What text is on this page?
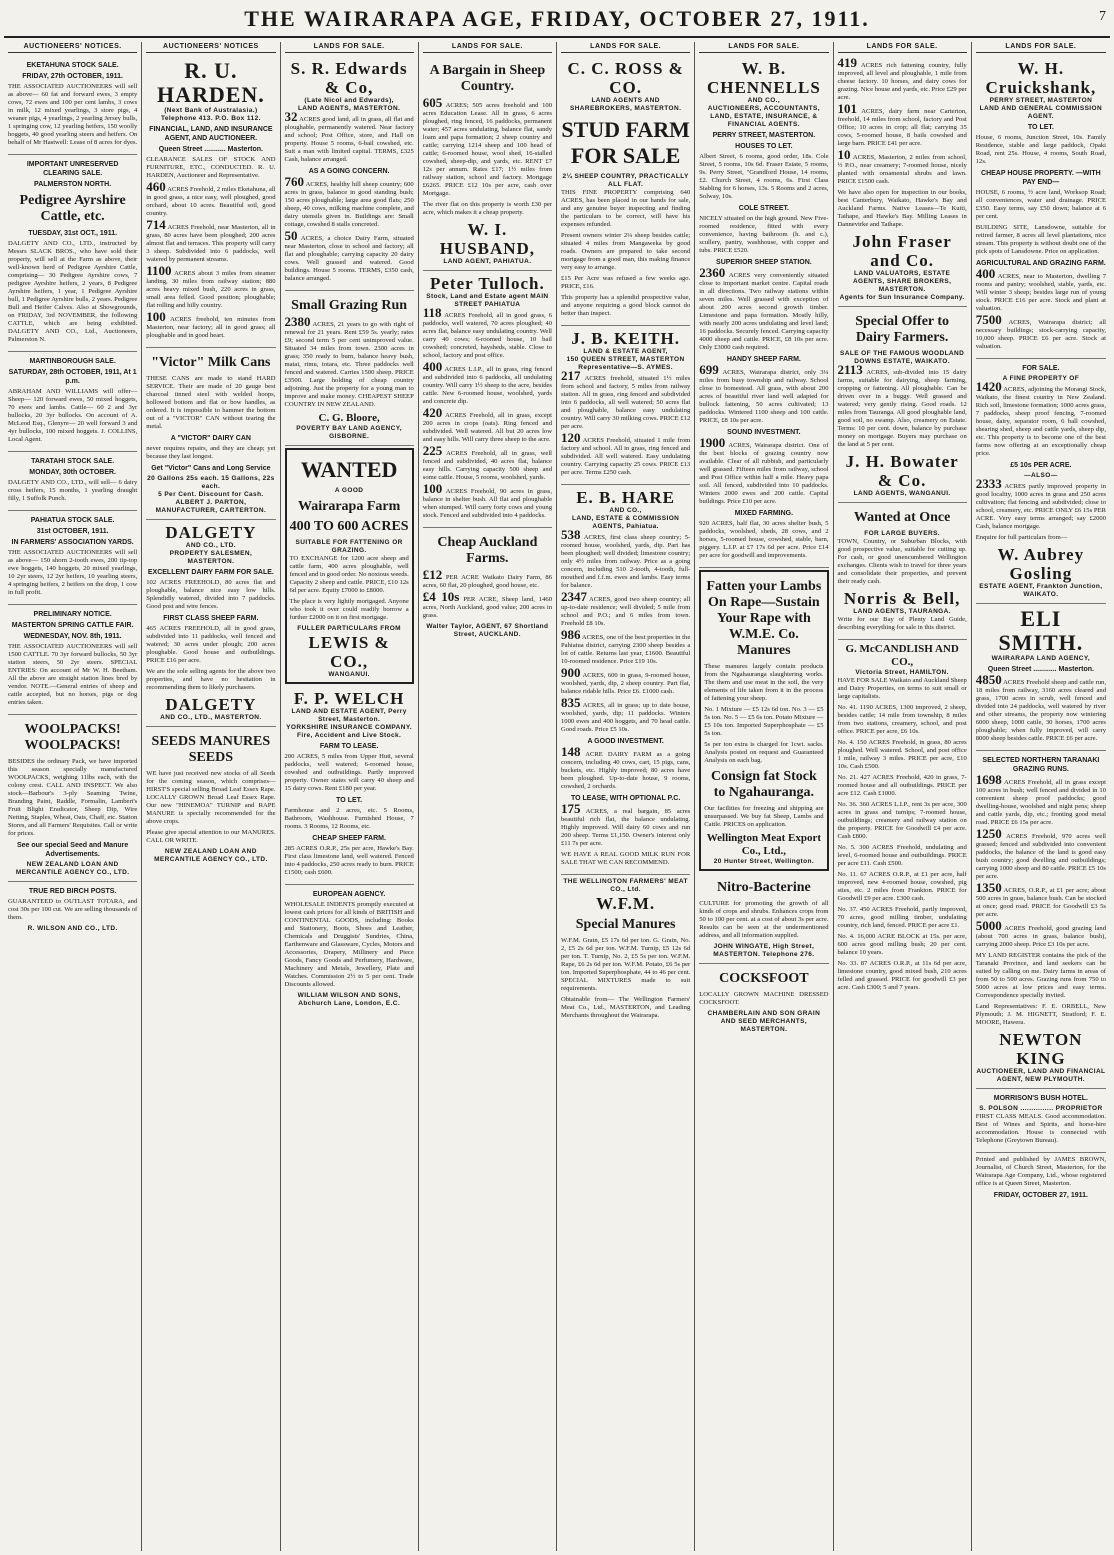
THE WAIRARAPA AGE, FRIDAY, OCTOBER 27, 1911.	7
AUCTIONEERS' NOTICES.
EKETAHUNA STOCK SALE.
FRIDAY, 27th OCTOBER, 1911.

THE ASSOCIATED AUCTIONEERS will sell as above— 60 fat and forward ewes, 3 empty cows, 72 ewes and 100 per cent lambs, 3 cows in milk, 12 mixed yearlings, 3 store pigs, 4 weaner pigs, 4 yearlings, 2 yearling Jersey bulls, 1 springing cow, 12 yearling heifers, 150 woolly hoggets, 40 good yearling steers and heifers. On behalf of Mr Hastwell: Lease of 8 acres for dyes.

IMPORTANT UNRESERVED CLEARING SALE.
PALMERSTON NORTH.
Pedigree Ayrshire Cattle, etc.
TUESDAY, 31st OCT., 1911.

DALGETY AND CO., LTD., instructed by Messrs SLACK BROS., who have sold their property, will sell at the Farm as above, their well-known herd of Pedigree Ayrshire Cattle, comprising— 30 Pedigree Ayrshire cows, 7 pedigree Ayrshire heifers, 2 years, 8 Pedigree Ayrshire heifers, 1 year, 1 Pedigree Ayrshire bull, 1 Pedigree Ayrshire bulls, 2 years. Pedigree Bull and Heifer Calves. Also at Showgrounds, on FRIDAY, 3rd NOVEMBER, the following CATTLE, which are being exhibited. DALGETY AND CO., Ltd., Auctioneers, Palmerston N.

MARTINBOROUGH SALE.
SATURDAY, 28th OCTOBER, 1911, At 1 p.m.

ABRAHAM AND WILLIAMS will offer— Sheep— 120 forward ewes, 50 mixed hoggets, 70 ewes and lambs. Cattle— 60 2 and 3yr bullocks, 20 3yr bullocks. On account of A. McLeod Esq., Glenyre— 20 well forward 3 and 4yr bullocks, 100 mixed hoggets. J. COLLINS, Local Agent.

TARATAHI STOCK SALE.
MONDAY, 30th OCTOBER.

DALGETY AND CO., LTD., will sell— 6 dairy cross heifers, 15 months, 1 yearling draught filly, 1 Suffolk Punch.

PAHIATUA STOCK SALE.
31st OCTOBER, 1911.
IN FARMERS' ASSOCIATION YARDS.

THE ASSOCIATED AUCTIONEERS will sell as above— 150 shorn 2-tooth ewes, 200 tip-top ewe hoggets, 140 hoggets, 20 mixed yearlings, 10 2yr steers, 12 2yr heifers, 10 yearling steers, 4 springing heifers, 2 heifers on the drop, 1 cow in full profit.

PRELIMINARY NOTICE.
MASTERTON SPRING CATTLE FAIR.
WEDNESDAY, NOV. 8th, 1911.

THE ASSOCIATED AUCTIONEERS will sell 1500 CATTLE. 70 3yr forward bullocks, 50 3yr station steers, 50 2yr steers. SPECIAL ENTRIES: On account of Mr W. H. Beetham. All the above are straight station lines bred by vendor. NOTE.—General entries of sheep and cattle accepted, but no horses, pigs or dog entries taken.

WOOLPACKS! WOOLPACKS!

BESIDES the ordinary Pack, we have imported this season specially manufactured WOOLPACKS, weighing 11lbs each, with the colony crest. CALL AND INSPECT. We also stock—Barbour's 3-ply Seaming Twine, Branding Paint, Raddle, Formalin, Lambert's Fruit Blight Eradicator, Sheep Dip, Wire Netting, Staples, Wheat, Oats, Chaff, etc. Station Stores, and all Farmers' Requisites. Call or write for prices.

See our special Seed and Manure Advertisements.
NEW ZEALAND LOAN AND MERCANTILE AGENCY CO., LTD.
TRUE RED BIRCH POSTS.

GUARANTEED to OUTLAST TOTARA, and cost 30s per 100 cut. We are selling thousands of them.

R. WILSON AND CO., LTD.
AUCTIONEERS' NOTICES
R. U. HARDEN.
(Next Bank of Australasia.)
Telephone 413. P.O. Box 112.
FINANCIAL, LAND, AND INSURANCE AGENT, AND AUCTIONEER.
Queen Street ........... Masterton.

CLEARANCE SALES OF STOCK AND FURNITURE, ETC., CONDUCTED. R. U. HARDEN, Auctioneer and Representative.

460 ACRES Freehold, 2 miles Eketahuna, all in good grass, a nice easy, well ploughed, good orchard, about 10 acres. Beautiful soil, good country.

714 ACRES Freehold, near Masterton, all in grass, 80 acres have been ploughed; 200 acres almost flat and terraces. This property will carry 3 sheep. Subdivided into 6 paddocks, well watered by permanent streams.

1100 ACRES about 3 miles from steamer landing, 30 miles from railway station; 880 acres heavy mixed bush, 220 acres in grass, small area felled. Good position; ploughable; flat rolling and hilly country.

100 ACRES freehold, ten minutes from Masterton, near factory; all in good grass; all ploughable and in good heart.

"Victor" Milk Cans

THESE CANS are made to stand HARD SERVICE. Their are made of 20 gauge best charcoal tinned steel with welded hoops, hollowed bottom and flat or bow handles, as ordered. It is impossible to hammer the bottom out of a "VICTOR" CAN without tearing the metal.

A "VICTOR" DAIRY CAN

never requires repairs, and they are cheap; yet because they last longest.

Get "Victor" Cans and Long Service
20 Gallons 25s each. 15 Gallons, 22s each.
5 Per Cent. Discount for Cash.
ALBERT J. PARTON, MANUFACTURER, CARTERTON.
DALGETY
AND CO., LTD.
PROPERTY SALESMEN, MASTERTON.
EXCELLENT DAIRY FARM FOR SALE.

102 ACRES FREEHOLD, 80 acres flat and ploughable, balance nice easy low hills. Splendidly watered, divided into 7 paddocks. Good post and wire fences.

FIRST CLASS SHEEP FARM.

465 ACRES FREEHOLD, all in good grass, subdivided into 11 paddocks, well fenced and watered; 30 acres under plough; 200 acres ploughable. Good house and outbuildings. PRICE £16 per acre.

We are the sole selling agents for the above two properties, and have no hesitation in recommending them to likely purchasers.

DALGETY
AND CO., LTD., MASTERTON.
SEEDS MANURES SEEDS

WE have just received new stocks of all Seeds for the coming season, which comprises— HIRST'S special selling Broad Leaf Essex Rape. LOCALLY GROWN Broad Leaf Essex Rape. Our new "HINEMOA" TURNIP and RAPE MANURE is specially recommended for the above crops.

Please give special attention to our MANURES. CALL OR WRITE.

NEW ZEALAND LOAN AND MERCANTILE AGENCY CO., LTD.
LANDS FOR SALE.
S. R. Edwards & Co,
(Late Nicol and Edwards),
LAND AGENTS, MASTERTON.

32 ACRES good land, all in grass, all flat and ploughable, permanently watered. Near factory and school; Post Office, store, and Hall on property. House 5 rooms, 6-bail cowshed, etc. Suit a man with limited capital. TERMS, £325 Cash, balance arranged.

AS A GOING CONCERN.

760 ACRES, healthy hill sheep country; 600 acres in grass, balance in good standing bush; 150 acres ploughable; large area good flats; 250 sheep, 40 cows, milking machine complete, and dairy utensils given in. Buildings are: Small cottage, cowshed 8 stalls concreted.

50 ACRES, a choice Dairy Farm, situated near Masterton, close to school and factory; all flat and ploughable; carrying capacity 20 dairy cows. Well grassed and watered. Good buildings. House 5 rooms. TERMS, £350 cash, balance arranged.

Small Grazing Run

2380 ACRES, 21 years to go with right of renewal for 21 years. Rent £59 5s. yearly; rates £9; second term 5 per cent unimproved value. Situated 34 miles from town. 2300 acres in grass; 350 ready to burn, balance heavy bush, matai, rimu, totara, etc. Three paddocks well fenced and watered. Carries 1500 sheep. PRICE £3500. Large holding of cheap country adjoining. Just the property for a young man to improve and make money. CHEAPEST SHEEP COUNTRY IN NEW ZEALAND.

C. G. Bloore,
POVERTY BAY LAND AGENCY, GISBORNE.
WANTED
A GOOD
Wairarapa Farm
400 TO 600 ACRES
SUITABLE FOR FATTENING OR GRAZING.

TO EXCHANGE for 1200 acre sheep and cattle farm, 400 acres ploughable, well fenced and in good order. No noxious weeds. Capacity 2 sheep and cattle. PRICE, £10 12s 6d per acre. Equity £7000 to £8000.

The place is very lightly mortgaged. Anyone who took it over could readily borrow a further £2000 on it on first mortgage.

FULLER PARTICULARS FROM
LEWIS & CO.,
WANGANUI.
F. P. WELCH
LAND AND ESTATE AGENT, Perry Street, Masterton.
YORKSHIRE INSURANCE COMPANY. Fire, Accident and Live Stock.
FARM TO LEASE.

200 ACRES, 5 miles from Upper Hutt, several paddocks, well watered; 6-roomed house, cowshed and outbuildings. Partly improved property. Owner states will carry 40 sheep and 15 dairy cows. Rent £180 per year.

TO LET.

Farmhouse and 2 acres, etc. 5 Rooms, Bathroom, Washhouse. Furnished House, 7 rooms. 3 Rooms, 12 Rooms, etc.

CHEAP SHEEP FARM.

285 ACRES O.R.P., 25s per acre, Hawke's Bay. First class limestone land, well watered. Fenced into 4 paddocks, 250 acres ready to burn. PRICE £1500; cash £600.

EUROPEAN AGENCY.

WHOLESALE INDENTS promptly executed at lowest cash prices for all kinds of BRITISH and CONTINENTAL GOODS, including: Books and Stationery, Boots, Shoes and Leather, Chemicals and Druggists' Sundries, China, Earthenware and Glassware, Cycles, Motors and Accessories, Drapery, Millinery and Piece Goods, Fancy Goods and Perfumery, Hardware, Machinery and Metals, Jewellery, Plate and Watches. Commission 2½ to 5 per cent. Trade Discounts allowed.

WILLIAM WILSON AND SONS, Abchurch Lane, London, E.C.
LANDS FOR SALE.
A Bargain in Sheep Country.

605 ACRES; 505 acres freehold and 100 acres Education Lease. All in grass, 6 acres ploughed, ring fenced, 16 paddocks, permanent water; 457 acres undulating, balance flat, sandy loam and papa formation; 2 sheep country and cattle; carrying 1214 sheep and 100 head of cattle; 6-roomed house, wool shed, 16-stalled cowshed, sheep-dip, and yards, etc. RENT £7 12s per annum. Rates £17; 1½ miles from railway station, school and factory. Mortgage £6265. PRICE £12 10s per acre, cash over Mortgage.

The river flat on this property is worth £30 per acre, which makes it a cheap property.

W. I. HUSBAND,
LAND AGENT, PAHIATUA.
Peter Tulloch.
Stock, Land and Estate agent MAIN STREET PAHIATUA

118 ACRES Freehold, all in good grass, 6 paddocks, well watered, 70 acres ploughed; 40 acres flat, balance easy undulating country. Well carry 40 cows; 6-roomed house, 10 bail cowshed; concreted, haysheds, stable. Close to school, factory and post office.

400 ACRES L.I.P., all in grass, ring fenced and subdivided into 6 paddocks, all undulating country. Will carry 1½ sheep to the acre, besides cattle. New 6-roomed house, woolshed, yards and concrete dip.

420 ACRES Freehold, all in grass, except 200 acres in crops (oats). Ring fenced and subdivided. Well watered. All but 20 acres low and easy hills. Will carry three sheep to the acre.

225 ACRES Freehold, all in grass, well fenced and subdivided, 40 acres flat, balance easy hills. Carrying capacity 500 sheep and some cattle. House, 5 rooms, woolshed, yards.

100 ACRES Freehold, 90 acres in grass, balance in shelter bush. All flat and ploughable when stumped. Will carry forty cows and young stock. Fenced and subdivided into 4 paddocks.

Cheap Auckland Farms.

£12 PER ACRE Waikato Dairy Farm, 86 acres, 60 flat, 20 ploughed, good house, etc.

£4 10s PER ACRE, Sheep land, 1460 acres, North Auckland, good value; 200 acres in grass.

Walter Taylor, AGENT, 67 Shortland Street, AUCKLAND.
LANDS FOR SALE.
C. C. ROSS & CO.
LAND AGENTS AND SHAREBROKERS, MASTERTON.
STUD FARM FOR SALE
2¼ SHEEP COUNTRY, PRACTICALLY ALL FLAT.

THIS FINE PROPERTY comprising 640 ACRES, has been placed in our hands for sale, and any genuine buyer inspecting and finding the particulars to be correct, will have his expenses refunded.

Present owners winter 2¼ sheep besides cattle; situated 4 miles from Mangaweka by good roads. Owners are prepared to take second mortgage from a good man, this making finance very easy to arrange.

£15 Per Acre was refused a few weeks ago. PRICE, £16.

This property has a splendid prospective value, and anyone requiring a good block cannot do better than inspect.

J. B. KEITH.
LAND & ESTATE AGENT,
150 QUEEN STREET, MASTERTON
Representative—S. AYMES.

217 ACRES freehold, situated 1½ miles from school and factory, 5 miles from railway station. All in grass, ring fenced and subdivided into 6 paddocks, all well watered; 50 acres flat and ploughable, balance easy undulating country. Will carry 30 milking cows. PRICE £12 per acre.

120 ACRES Freehold, situated 1 mile from factory and school. All in grass, ring fenced and subdivided. All well watered. Easy undulating country. Carrying capacity 25 cows. PRICE £13 per acre. Terms £250 cash.

E. B. HARE
AND CO.,
LAND, ESTATE & COMMISSION AGENTS, Pahiatua.

538 ACRES, first class sheep country; 5-roomed house, woolshed, yards, dip. Part has been ploughed; well divided; limestone country; only 4½ miles from railway. Price as a going concern, including 510 2-tooth, 4-tooth, full-mouthed and f.f.m. ewes and lambs. Easy terms for balance.

2347 ACRES, good two sheep country; all up-to-date residence; well divided; 5 mile from school and P.O.; and 6 miles from town. Freehold £8 10s.

986 ACRES, one of the best properties in the Pahiatua district, carrying 2300 sheep besides a lot of cattle. Returns last year, £1600. Beautiful 10-roomed residence. Price £19 10s.

900 ACRES, 600 in grass, 9-roomed house, woolshed, yards, dip, 2 sheep country. Part flat, balance ridable hills. Price £6. £1000 cash.

835 ACRES, all in grass; up to date house, woolshed, yards, dip; 11 paddocks. Winters 1000 ewes and 400 hoggets, and 70 head cattle. Good roads. Price £5 10s.

A GOOD INVESTMENT.

148 ACRE DAIRY FARM as a going concern, including 40 cows, cart, 15 pigs, cans, buckets, etc. Highly improved; 80 acres have been ploughed. Up-to-date house, 9 rooms, cowshed, 2 orchards.

TO LEASE, WITH OPTIONAL P.C.

175 ACRES, a real bargain, 85 acres beautiful rich flat, the balance undulating. Highly improved. Will dairy 60 cows and run 200 sheep. Terms £1,150. Owner's interest only £11 7s per acre.

WE HAVE A REAL GOOD MILK RUN FOR SALE THAT WE CAN RECOMMEND.

THE WELLINGTON FARMERS' MEAT CO., Ltd.
W.F.M.
Special Manures

W.F.M. Grain, £5 17s 6d per ton. G. Grain, No. 2, £5 2s 6d per ton. W.F.M. Turnip, £5 12s 6d per ton. T. Turnip, No. 2, £5 5s per ton. W.F.M. Rape, £6 2s 6d per ton. W.F.M. Potato, £6 5s per ton. Imported Superphosphate, 44 to 46 per cent. SPECIAL MIXTURES made to suit requirements.

Obtainable from— The Wellington Farmers' Meat Co., Ltd., MASTERTON, and Leading Merchants throughout the Wairarapa.

LANDS FOR SALE.
W. B. CHENNELLS
AND CO.,
AUCTIONEERS, ACCOUNTANTS, LAND, ESTATE, INSURANCE, & FINANCIAL AGENTS.
PERRY STREET, MASTERTON.
HOUSES TO LET.

Albert Street, 6 rooms, good order, 18s. Cole Street, 5 rooms, 10s 6d. Fraser Estate, 5 rooms, 9s. Perry Street, "Grandford House, 14 rooms, £2. Church Street, 4 rooms, 6s. First Class Stabling for 6 horses, 13s. 5 Rooms and 2 acres, Solway, 10s.

COLE STREET.

NICELY situated on the high ground. New Five-roomed residence, fitted with every convenience, having bathroom (h. and c.), scullery, pantry, washhouse, with copper and tubs. PRICE £520.

SUPERIOR SHEEP STATION.

2360 ACRES very conveniently situated close to important market centre. Capital roads in all directions. Two railway stations within seven miles. Well grassed with exception of about 200 acres second growth timber. Limestone and papa formation. Mostly hilly, with nearly 200 acres undulating and level land; 16 paddocks. Securely fenced. Carrying capacity 4000 sheep and cattle. PRICE, £8 10s per acre. Only £3000 cash required.

HANDY SHEEP FARM.

699 ACRES, Wairarapa district, only 3¼ miles from busy township and railway. School close to homestead. All grass, with about 200 acres of beautiful river land well adapted for bullock fattening, 50 acres cultivated; 13 paddocks. Wintered 1100 sheep and 100 cattle. PRICE, £8 10s per acre.

SOUND INVESTMENT.

1900 ACRES, Wairarapa district. One of the best blocks of grazing country now available. Clear of all rubbish, and particularly well grassed. Fifteen miles from railway, school and Post Office within half a mile. Heavy papa soil. All fenced, subdivided into 10 paddocks. Winters 2000 ewes and 200 cattle. Capital buildings. Price £10 per acre.

MIXED FARMING.

920 ACRES, half flat, 30 acres shelter bush, 5 paddocks, woolshed, sheds, 28 cows, and 2 horses, 5-roomed house, cowshed, stable, barn, piggery. L.I.P. at £7 17s 6d per acre. Price £14 per acre for goodwill and improvements.

Fatten your Lambs On Rape—Sustain Your Rape with W.M.E. Co. Manures

These manures largely contain products from the Ngahauranga slaughtering works. The them and use meat in the soil, the very elements of life taken from it in the process of fattening your sheep.

No. 1 Mixture — £5 12s 6d ton. No. 3 — £5 5s ton. No. 5 — £5 6s ton. Potato Mixture — £5 10s ton. Imported Superphosphate — £5 5s ton.

5s per ton extra is charged for 1cwt. sacks. Analysis posted on request and Guaranteed Analysis on each bag.

Consign fat Stock to Ngahauranga.

Our facilities for freezing and shipping are unsurpassed. We buy fat Sheep, Lambs and Cattle. PRICES on application.

Wellington Meat Export Co., Ltd.,
20 Hunter Street, Wellington.
Nitro-Bacterine

CULTURE for promoting the growth of all kinds of crops and shrubs. Enhances crops from 50 to 100 per cent. at a cost of about 3s per acre. Results can be seen at the undermentioned address, and all information supplied.

JOHN WINGATE, High Street, MASTERTON. Telephone 276.
COCKSFOOT

LOCALLY GROWN MACHINE DRESSED COCKSFOOT.

CHAMBERLAIN AND SON GRAIN AND SEED MERCHANTS, MASTERTON.
LANDS FOR SALE.

419 ACRES rich fattening country, fully improved, all level and ploughable, 1 mile from cheese factory. 10 horses, and dairy cows for grazing. Nice house and yards, etc. Price £29 per acre.

101 ACRES, dairy farm near Carterton, freehold, 14 miles from school, factory and Post Office; 10 acres in crop; all flat; carrying 35 cows, 5-roomed house, 8 bails cowshed and large barn. PRICE £41 per acre.

10 ACRES, Masterton, 2 miles from school, ½ P.O., near creamery; 7-roomed house, nicely planted with ornamental shrubs and lawn. PRICE £1500 cash.

We have also open for inspection in our books, best Canterbury, Waikato, Hawke's Bay and Auckland Farms. Native Leases—Te Kuiti, Taihape, and Hawke's Bay. Milling Leases in Dannevirke and Taihape.

John Fraser and Co.
LAND VALUATORS, ESTATE AGENTS, SHARE BROKERS, MASTERTON.
Agents for Sun Insurance Company.
Special Offer to Dairy Farmers.
SALE OF THE FAMOUS WOODLAND DOWNS ESTATE, WAIKATO.

2113 ACRES, sub-divided into 15 dairy farms, suitable for dairying, sheep farming, cropping or fattening. All ploughable. Can be driven over in a buggy. Well grassed and watered; very gently rising. Good roads. 12 miles from Tauranga. All good ploughable land, good soil, no swamp. Also, creamery on Estate. Terms: 10 per cent. down, balance by purchase money on mortgage. Buyers may purchase on the land at 5 per cent.

J. H. Bowater & Co.
LAND AGENTS, WANGANUI.
Wanted at Once
FOR LARGE BUYERS.

TOWN, Country, or Suburban Blocks, with good prospective value, suitable for cutting up. For cash, or good unencumbered Wellington exchanges. Clients wish to travel for three years and consolidate their properties, and prevent their ready cash.

Norris & Bell,
LAND AGENTS, TAURANGA.

Write for our Bay of Plenty Land Guide, describing everything for sale in this district.

G. McCANDLISH AND CO.,
Victoria Street, HAMILTON.

HAVE FOR SALE Waikato and Auckland Sheep and Dairy Properties, on terms to suit small or large capitalists.

No. 41. 1190 ACRES, 1300 improved, 2 sheep, besides cattle; 14 mile from township, 8 miles from two stations, creamery, school, and post office. PRICE per acre, £6 10s.

No. 4. 150 ACRES Freehold, in grass, 80 acres ploughed. Well watered. School, and post office 1 mile, railway 3 miles. PRICE per acre, £10 10s. Cash £500.

No. 21. 427 ACRES Freehold, 420 in grass, 7-roomed house and all outbuildings. PRICE per acre £12. Cash £1000.

No. 36. 360 ACRES L.I.P., rent 3s per acre, 300 acres in grass and turnips; 7-roomed house, outbuildings; creamery and railway station on the property. PRICE for Goodwill £4 per acre. Cash £800.

No. 5. 300 ACRES Freehold, undulating and level, 6-roomed house and outbuildings. PRICE per acre £11. Cash £500.

No. 11. 67 ACRES O.R.P., at £1 per acre, half improved, new 4-roomed house, cowshed, pig sties, etc. 2 miles from Frankton. PRICE for Goodwill £9 per acre. £300 cash.

No. 37. 450 ACRES Freehold, partly improved, 70 acres, good milling timber, undulating country, rich land, fenced. PRICE per acre £1.

No. 4. 16,000 ACRE BLOCK at 15s. per acre, 600 acres good milling bush; 20 per cent. balance 10 years.

No. 33. 87 ACRES O.R.P., at 11s 6d per acre, limestone country, good mixed bush, 210 acres felled and grassed. PRICE for goodwill £3 per acre. Cash £300; 5 and 7 years.

LANDS FOR SALE.
W. H. Cruickshank,
PERRY STREET, MASTERTON
LAND AND GENERAL COMMISSION AGENT.
TO LET.

House, 6 rooms, Junction Street, 10s. Family Residence, stable and large paddock, Opaki Road, rent 25s. House, 4 rooms, South Road, 12s.

CHEAP HOUSE PROPERTY. —WITH PAY END—

HOUSE, 6 rooms, ½ acre land, Worksop Road; all conveniences, water and drainage. PRICE £350. Easy terms, say £50 down; balance at 6 per cent.

BUILDING SITE, Lansdowne, suitable for retired farmer, 8 acres all level plantations, nice stream. This property is without doubt one of the pick spots of Lansdowne. Price on application.

AGRICULTURAL AND GRAZING FARM.

400 ACRES, near to Masterton, dwelling 7 rooms and pantry; woolshed, stable, yards, etc. Will winter 3 sheep; besides large run of young stock. PRICE £16 per acre. Stock and plant at valuation.

7500 ACRES, Wairarapa district; all necessary buildings; stock-carrying capacity, 10,000 sheep. PRICE £6 per acre. Stock at valuation.

FOR SALE.
A FINE PROPERTY OF

1420 ACRES, adjoining the Morangi Stock, Waikato, the finest country in New Zealand. Rich soil, limestone formation; 1000 acres grass, 7 paddocks, sheep proof fencing, 7-roomed house, dairy, separator room, 6 ball cowshed, shearing shed, sheep and cattle yards, sheep dip, etc. This property is to become one of the best farms now offering at an exceptionally cheap price.

£5 10s PER ACRE.
—ALSO—

2333 ACRES partly improved property in good locality, 1000 acres in grass and 250 acres cultivation; flat fencing and subdivided; close to school, creamery, etc. PRICE ONLY £6 15s PER ACRE. Very easy terms arranged; say £2000 Cash, balance mortgage.

Enquire for full particulars from—

W. Aubrey Gosling
ESTATE AGENT, Frankton Junction, WAIKATO.
ELI SMITH.
WAIRARAPA LAND AGENCY,
Queen Street ............ Masterton.

4850 ACRES Freehold sheep and cattle run, 18 miles from railway, 3160 acres cleared and grass, 1700 acres in scrub, well fenced and divided into 24 paddocks, well watered by river and other streams, the property now wintering 6000 sheep, 1000 cattle, 30 horses, 1700 acres ploughable; when fully improved, will carry 8000 sheep besides cattle. PRICE £6 per acre.

SELECTED NORTHERN TARANAKI GRAZING RUNS.

1698 ACRES Freehold, all in grass except 100 acres in bush; well fenced and divided in 10 convenient sheep proof paddocks; good dwelling-house, woolshed and night pens; sheep and cattle yards, dip, etc.; fronting good metal road. PRICE £6 15s per acre.

1250 ACRES Freehold, 970 acres well grassed; fenced and subdivided into convenient paddocks, the balance of the land is good easy bush country; good dwelling and outbuildings; carrying 1000 sheep and 80 cattle. PRICE £5 10s per acre.

1350 ACRES, O.R.P., at £1 per acre; about 500 acres in grass, balance bush. Can be stocked at once; good road. PRICE for Goodwill £3 5s per acre.

5000 ACRES Freehold, good grazing land (about 700 acres in grass, balance bush), carrying 2000 sheep. Price £3 10s per acre.

MY LAND REGISTER contains the pick of the Taranaki Province, and land seekers can be suited by calling on me. Dairy farms in areas of from 50 to 500 acres. Grazing runs from 750 to 5000 acres at low prices and easy terms. Correspondence specially invited.

Land Representatives: F. E. ORBELL, New Plymouth; J. M. HIGNETT, Stratford; F. E. MOORE, Hawera.

NEWTON KING
AUCTIONEER, LAND AND FINANCIAL AGENT, NEW PLYMOUTH.
MORRISON'S BUSH HOTEL.
S. POLSON ............... PROPRIETOR

FIRST CLASS MEALS. Good accommodation. Best of Wines and Spirits, and horse-hire accommodation. House is connected with Telephone (Greytown Bureau).

Printed and published by JAMES BROWN, Journalist, of Church Street, Masterton, for the Wairarapa Age Company, Ltd., whose registered office is at Queen Street, Masterton.

FRIDAY, OCTOBER 27, 1911.
